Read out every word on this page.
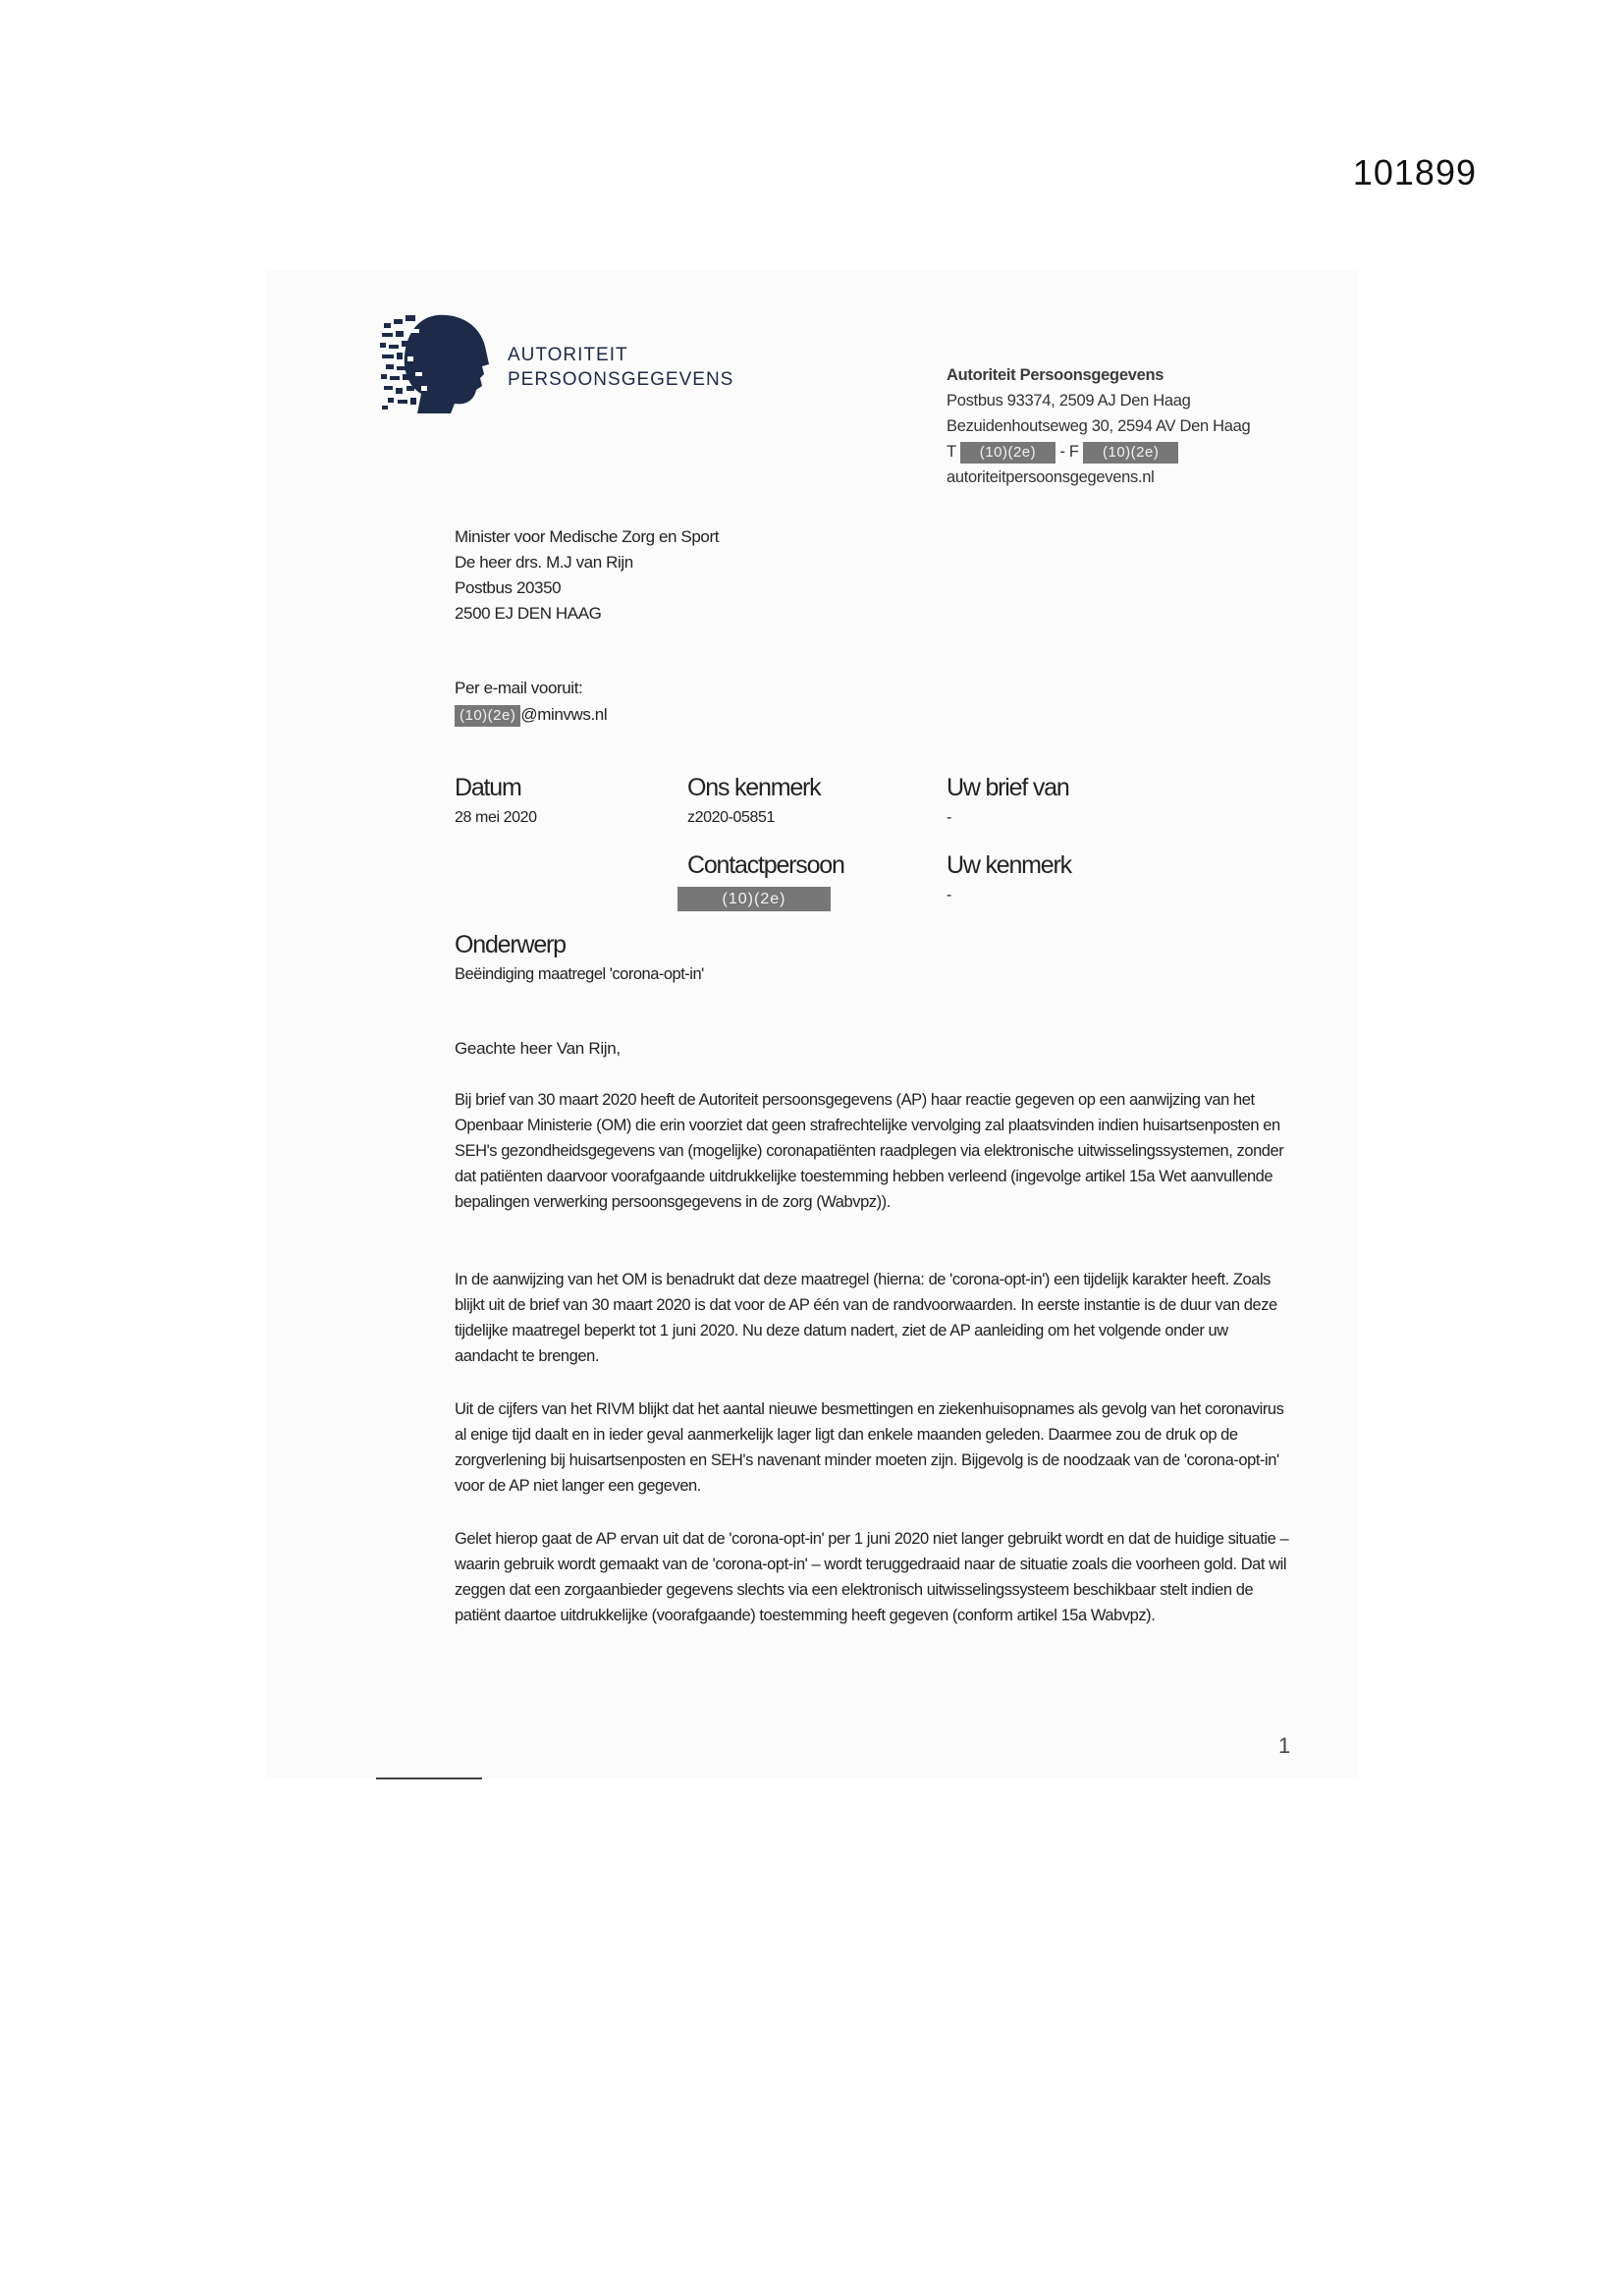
101899
AUTORITEIT
PERSOONSGEGEVENS	Autoriteit Persoonsgegevens
Postbus 93374, 2509 AJ Den Haag
Bezuidenhoutseweg 30, 2594 AV Den Haag
T (10)(2e) - F (10)(2e)
autoriteitpersoonsgegevens.nl
Minister voor Medische Zorg en Sport
De heer drs. M.J van Rijn
Postbus 20350
2500 EJ DEN HAAG
Per e-mail vooruit:
(10)(2e) @minvws.nl
Datum
28 mei 2020
Ons kenmerk
z2020-05851
Uw brief van
-
Contactpersoon
(10)(2e)
Uw kenmerk
-
Onderwerp
Beëindiging maatregel 'corona-opt-in'
Geachte heer Van Rijn,

Bij brief van 30 maart 2020 heeft de Autoriteit persoonsgegevens (AP) haar reactie gegeven op een aanwijzing van het Openbaar Ministerie (OM) die erin voorziet dat geen strafrechtelijke vervolging zal plaatsvinden indien huisartsenposten en SEH's gezondheidsgegevens van (mogelijke) coronapatiënten raadplegen via elektronische uitwisselingssystemen, zonder dat patiënten daarvoor voorafgaande uitdrukkelijke toestemming hebben verleend (ingevolge artikel 15a Wet aanvullende bepalingen verwerking persoonsgegevens in de zorg (Wabvpz)).

In de aanwijzing van het OM is benadrukt dat deze maatregel (hierna: de 'corona-opt-in') een tijdelijk karakter heeft. Zoals blijkt uit de brief van 30 maart 2020 is dat voor de AP één van de randvoorwaarden. In eerste instantie is de duur van deze tijdelijke maatregel beperkt tot 1 juni 2020. Nu deze datum nadert, ziet de AP aanleiding om het volgende onder uw aandacht te brengen.

Uit de cijfers van het RIVM blijkt dat het aantal nieuwe besmettingen en ziekenhuisopnames als gevolg van het coronavirus al enige tijd daalt en in ieder geval aanmerkelijk lager ligt dan enkele maanden geleden. Daarmee zou de druk op de zorgverlening bij huisartsenposten en SEH's navenant minder moeten zijn. Bijgevolg is de noodzaak van de 'corona-opt-in' voor de AP niet langer een gegeven.

Gelet hierop gaat de AP ervan uit dat de 'corona-opt-in' per 1 juni 2020 niet langer gebruikt wordt en dat de huidige situatie – waarin gebruik wordt gemaakt van de 'corona-opt-in' – wordt teruggedraaid naar de situatie zoals die voorheen gold. Dat wil zeggen dat een zorgaanbieder gegevens slechts via een elektronisch uitwisselingssysteem beschikbaar stelt indien de patiënt daartoe uitdrukkelijke (voorafgaande) toestemming heeft gegeven (conform artikel 15a Wabvpz).

1
